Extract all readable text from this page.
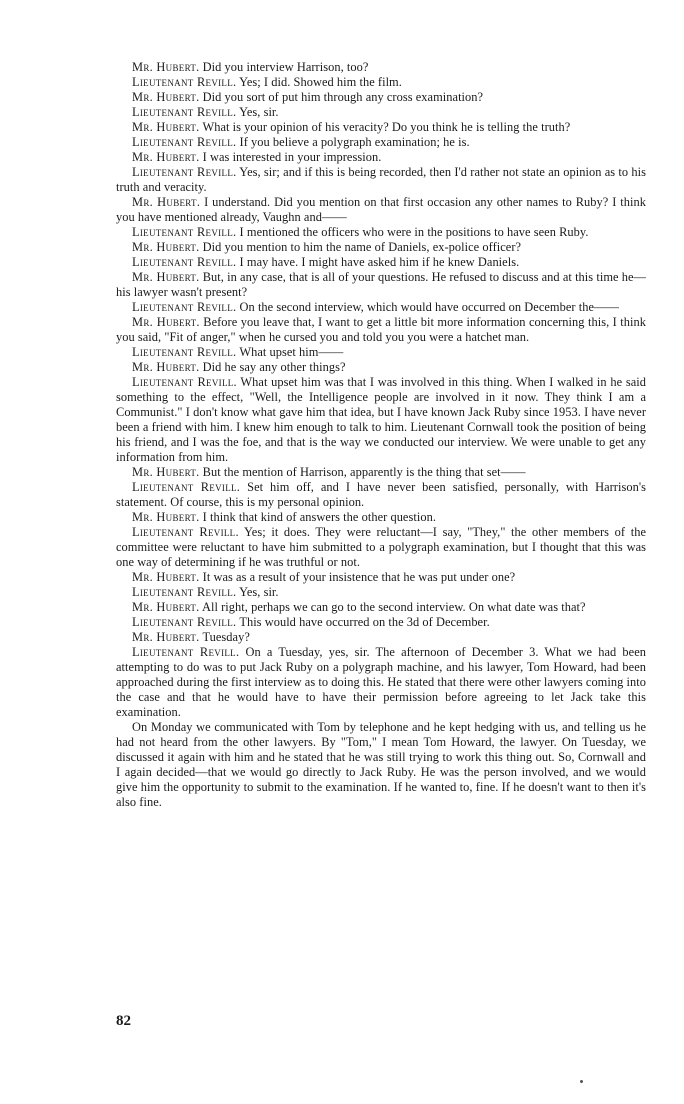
Mr. Hubert. Did you interview Harrison, too?

Lieutenant Revill. Yes; I did. Showed him the film.

Mr. Hubert. Did you sort of put him through any cross examination?

Lieutenant Revill. Yes, sir.

Mr. Hubert. What is your opinion of his veracity? Do you think he is telling the truth?

Lieutenant Revill. If you believe a polygraph examination; he is.

Mr. Hubert. I was interested in your impression.

Lieutenant Revill. Yes, sir; and if this is being recorded, then I'd rather not state an opinion as to his truth and veracity.

Mr. Hubert. I understand. Did you mention on that first occasion any other names to Ruby? I think you have mentioned already, Vaughn and——

Lieutenant Revill. I mentioned the officers who were in the positions to have seen Ruby.

Mr. Hubert. Did you mention to him the name of Daniels, ex-police officer?

Lieutenant Revill. I may have. I might have asked him if he knew Daniels.

Mr. Hubert. But, in any case, that is all of your questions. He refused to discuss and at this time he—his lawyer wasn't present?

Lieutenant Revill. On the second interview, which would have occurred on December the——

Mr. Hubert. Before you leave that, I want to get a little bit more information concerning this, I think you said, "Fit of anger," when he cursed you and told you you were a hatchet man.

Lieutenant Revill. What upset him——

Mr. Hubert. Did he say any other things?

Lieutenant Revill. What upset him was that I was involved in this thing. When I walked in he said something to the effect, "Well, the Intelligence people are involved in it now. They think I am a Communist." I don't know what gave him that idea, but I have known Jack Ruby since 1953. I have never been a friend with him. I knew him enough to talk to him. Lieutenant Cornwall took the position of being his friend, and I was the foe, and that is the way we conducted our interview. We were unable to get any information from him.

Mr. Hubert. But the mention of Harrison, apparently is the thing that set——

Lieutenant Revill. Set him off, and I have never been satisfied, personally, with Harrison's statement. Of course, this is my personal opinion.

Mr. Hubert. I think that kind of answers the other question.

Lieutenant Revill. Yes; it does. They were reluctant—I say, "They," the other members of the committee were reluctant to have him submitted to a polygraph examination, but I thought that this was one way of determining if he was truthful or not.

Mr. Hubert. It was as a result of your insistence that he was put under one?

Lieutenant Revill. Yes, sir.

Mr. Hubert. All right, perhaps we can go to the second interview. On what date was that?

Lieutenant Revill. This would have occurred on the 3d of December.

Mr. Hubert. Tuesday?

Lieutenant Revill. On a Tuesday, yes, sir. The afternoon of December 3. What we had been attempting to do was to put Jack Ruby on a polygraph machine, and his lawyer, Tom Howard, had been approached during the first interview as to doing this. He stated that there were other lawyers coming into the case and that he would have to have their permission before agreeing to let Jack take this examination.

On Monday we communicated with Tom by telephone and he kept hedging with us, and telling us he had not heard from the other lawyers. By "Tom," I mean Tom Howard, the lawyer. On Tuesday, we discussed it again with him and he stated that he was still trying to work this thing out. So, Cornwall and I again decided—that we would go directly to Jack Ruby. He was the person involved, and we would give him the opportunity to submit to the examination. If he wanted to, fine. If he doesn't want to then it's also fine.

82
